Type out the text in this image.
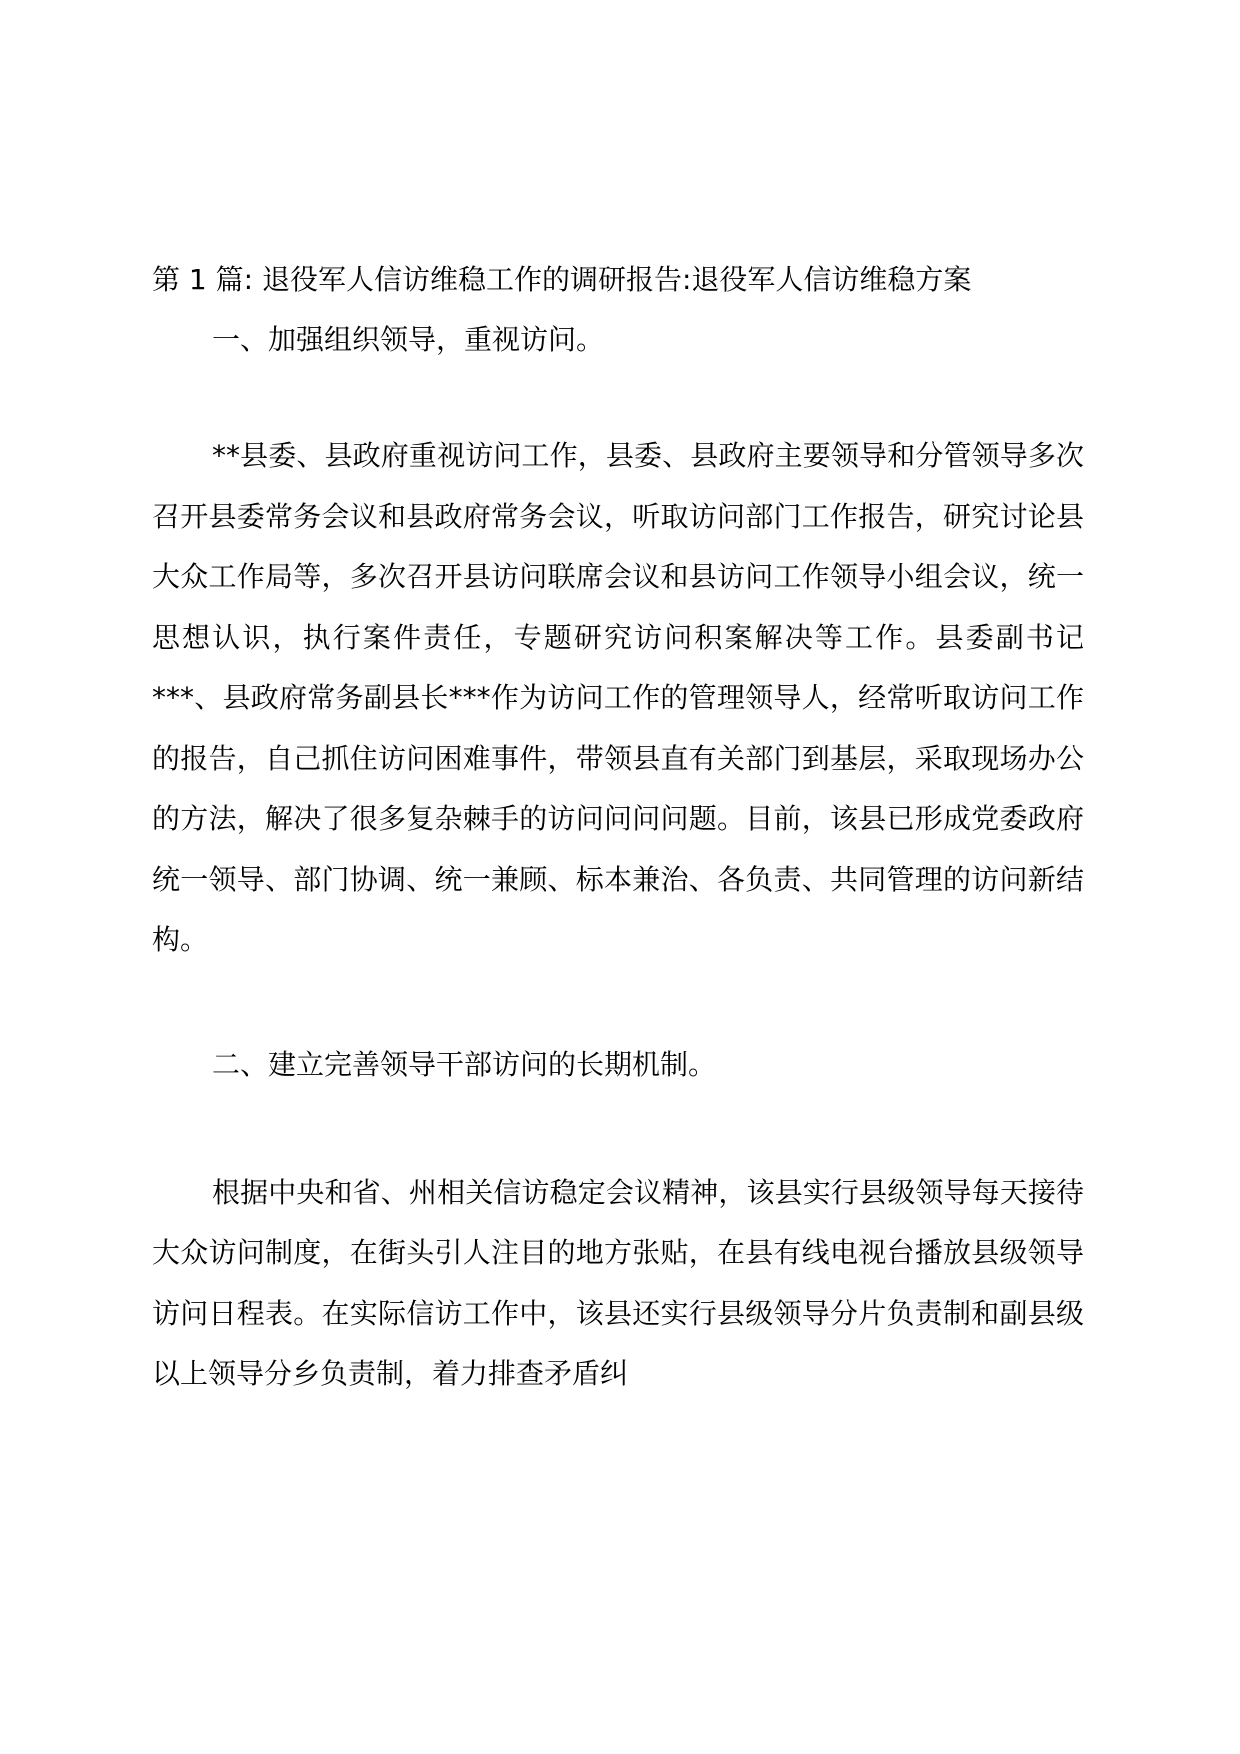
第 1 篇: 退役军人信访维稳工作的调研报告:退役军人信访维稳方案
一、加强组织领导，重视访问。

**县委、县政府重视访问工作，县委、县政府主要领导和分管领导多次召开县委常务会议和县政府常务会议，听取访问部门工作报告，研究讨论县大众工作局等，多次召开县访问联席会议和县访问工作领导小组会议，统一思想认识，执行案件责任，专题研究访问积案解决等工作。县委副书记***、县政府常务副县长***作为访问工作的管理领导人，经常听取访问工作的报告，自己抓住访问困难事件，带领县直有关部门到基层，采取现场办公的方法，解决了很多复杂棘手的访问问问问题。目前，该县已形成党委政府统一领导、部门协调、统一兼顾、标本兼治、各负责、共同管理的访问新结构。

二、建立完善领导干部访问的长期机制。

根据中央和省、州相关信访稳定会议精神，该县实行县级领导每天接待大众访问制度，在街头引人注目的地方张贴，在县有线电视台播放县级领导访问日程表。在实际信访工作中，该县还实行县级领导分片负责制和副县级以上领导分乡负责制，着力排查矛盾纠
